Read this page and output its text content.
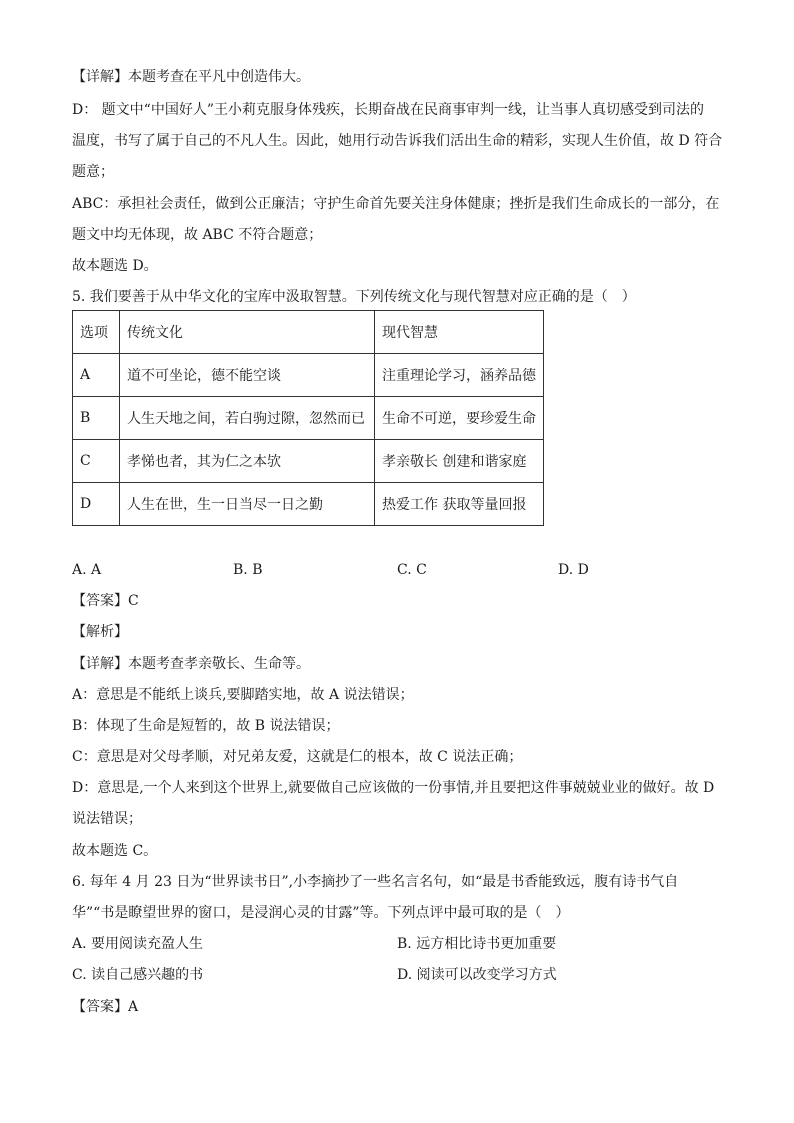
【详解】本题考查在平凡中创造伟大。
D： 题文中“中国好人”王小莉克服身体残疾，长期奋战在民商事审判一线，让当事人真切感受到司法的
温度，书写了属于自己的不凡人生。因此，她用行动告诉我们活出生命的精彩，实现人生价值，故 D 符合
题意；
ABC：承担社会责任，做到公正廉洁；守护生命首先要关注身体健康；挫折是我们生命成长的一部分，在
题文中均无体现，故 ABC 不符合题意；
故本题选 D。
5. 我们要善于从中华文化的宝库中汲取智慧。下列传统文化与现代智慧对应正确的是（　）
选项	传统文化	现代智慧
A	道不可坐论，德不能空谈	注重理论学习，涵养品德
B	人生天地之间，若白驹过隙，忽然而已	生命不可逆，要珍爱生命
C	孝悌也者，其为仁之本欤	孝亲敬长 创建和谐家庭
D	人生在世，生一日当尽一日之勤	热爱工作 获取等量回报
A. A	B. B	C. C	D. D
【答案】C
【解析】
【详解】本题考查孝亲敬长、生命等。
A：意思是不能纸上谈兵,要脚踏实地，故 A 说法错误；
B：体现了生命是短暂的，故 B 说法错误；
C：意思是对父母孝顺，对兄弟友爱，这就是仁的根本，故 C 说法正确；
D：意思是,一个人来到这个世界上,就要做自己应该做的一份事情,并且要把这件事兢兢业业的做好。故 D
说法错误；
故本题选 C。
6. 每年 4 月 23 日为“世界读书日”,小李摘抄了一些名言名句，如“最是书香能致远，腹有诗书气自
华”“书是瞭望世界的窗口，是浸润心灵的甘露”等。下列点评中最可取的是（　）
A. 要用阅读充盈人生	B. 远方相比诗书更加重要
C. 读自己感兴趣的书	D. 阅读可以改变学习方式
【答案】A
